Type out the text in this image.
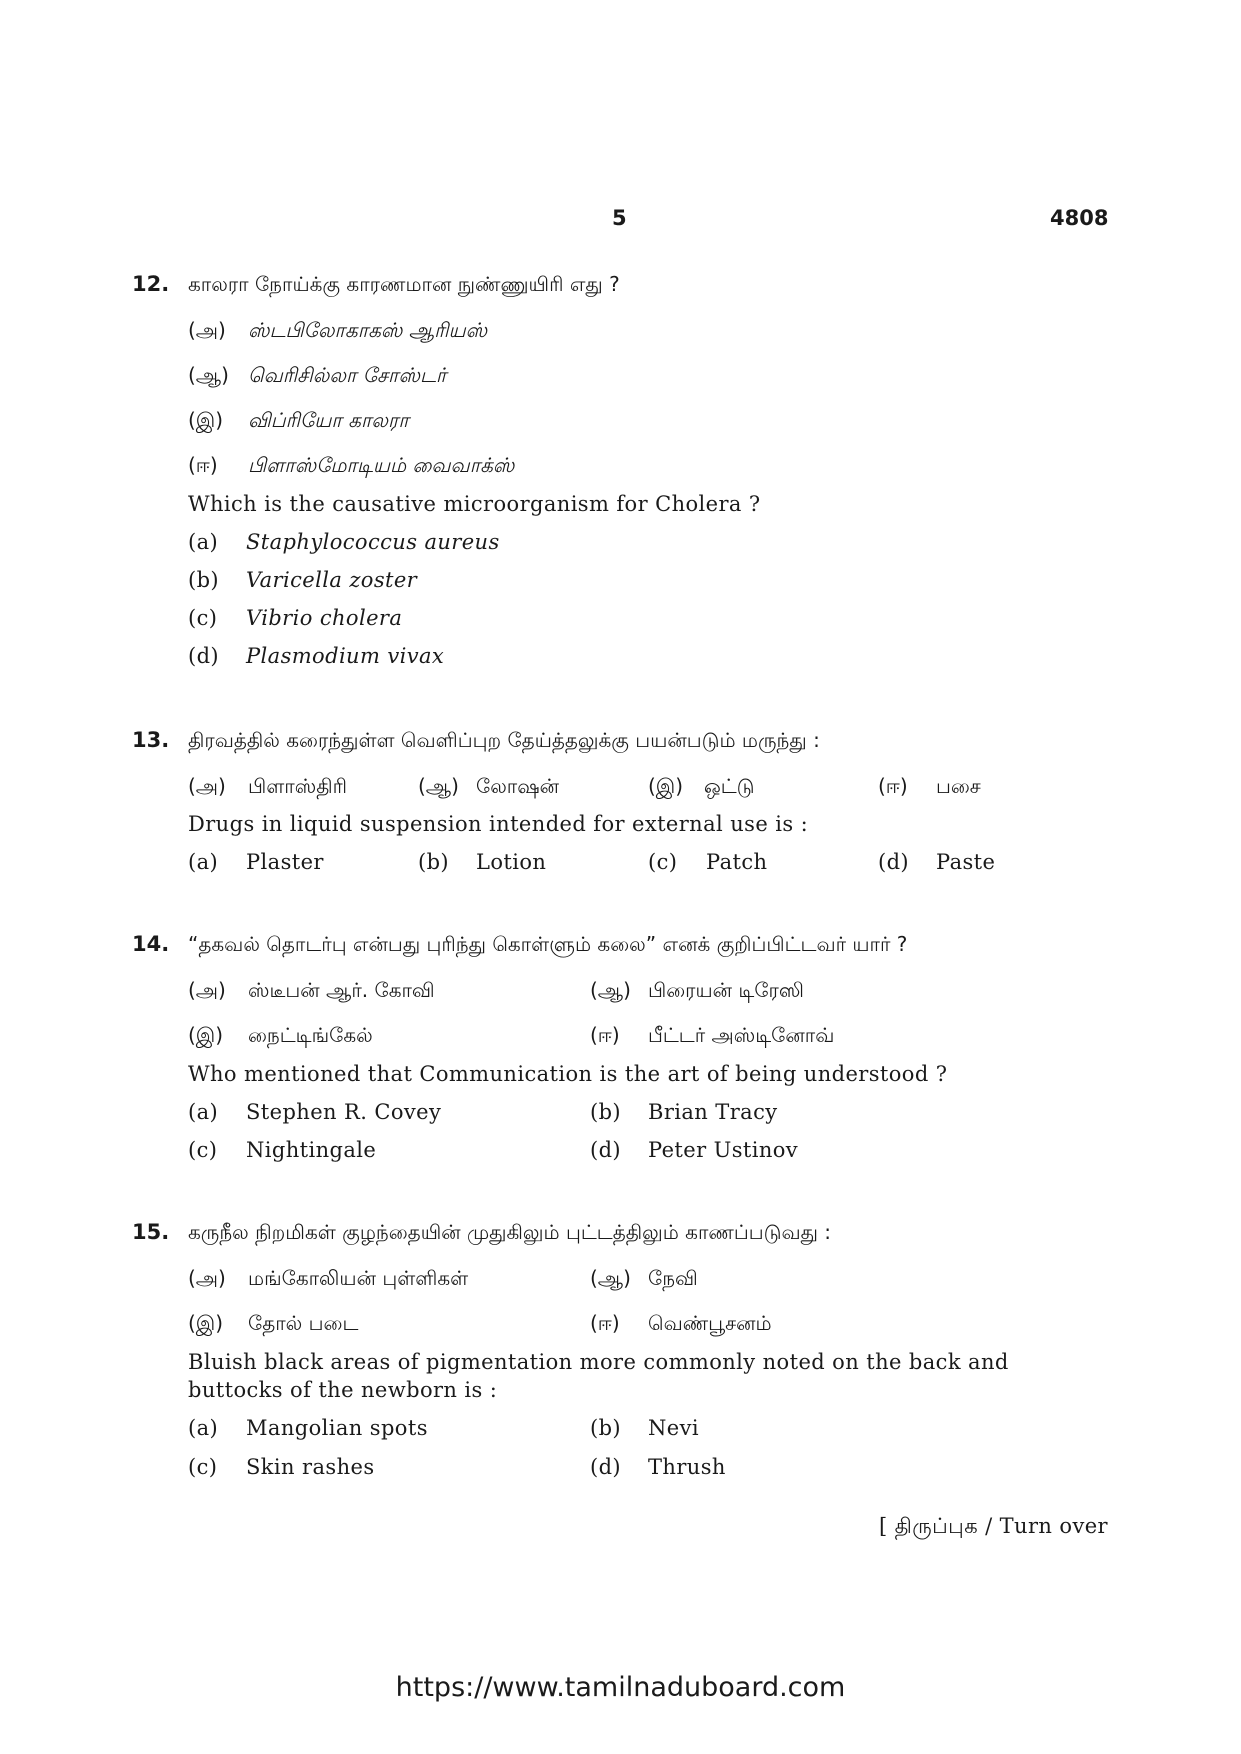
5	4808
12. காலரா நோய்க்கு காரணமான நுண்ணுயிரி எது ?
(அ) ஸ்டபிலோகாகஸ் ஆரியஸ்
(ஆ) வெரிசில்லா சோஸ்டர்
(இ) விப்ரியோ காலரா
(ஈ) பிளாஸ்மோடியம் வைவாக்ஸ்
Which is the causative microorganism for Cholera ?
(a) Staphylococcus aureus
(b) Varicella zoster
(c) Vibrio cholera
(d) Plasmodium vivax
13. திரவத்தில் கரைந்துள்ள வெளிப்புற தேய்த்தலுக்கு பயன்படும் மருந்து :
(அ) பிளாஸ்திரி	(ஆ) லோஷன்	(இ) ஒட்டு	(ஈ) பசை
Drugs in liquid suspension intended for external use is :
(a) Plaster	(b) Lotion	(c) Patch	(d) Paste
14. “தகவல் தொடர்பு என்பது புரிந்து கொள்ளும் கலை” எனக் குறிப்பிட்டவர் யார் ?
(அ) ஸ்டீபன் ஆர். கோவி	(ஆ) பிரையன் டிரேஸி
(இ) நைட்டிங்கேல்	(ஈ) பீட்டர் அஸ்டினோவ்
Who mentioned that Communication is the art of being understood ?
(a) Stephen R. Covey	(b) Brian Tracy
(c) Nightingale	(d) Peter Ustinov
15. கருநீல நிறமிகள் குழந்தையின் முதுகிலும் புட்டத்திலும் காணப்படுவது :
(அ) மங்கோலியன் புள்ளிகள்	(ஆ) நேவி
(இ) தோல் படை	(ஈ) வெண்பூசனம்
Bluish black areas of pigmentation more commonly noted on the back and
buttocks of the newborn is :
(a) Mangolian spots	(b) Nevi
(c) Skin rashes	(d) Thrush
[ திருப்புக / Turn over
https://www.tamilnaduboard.com
